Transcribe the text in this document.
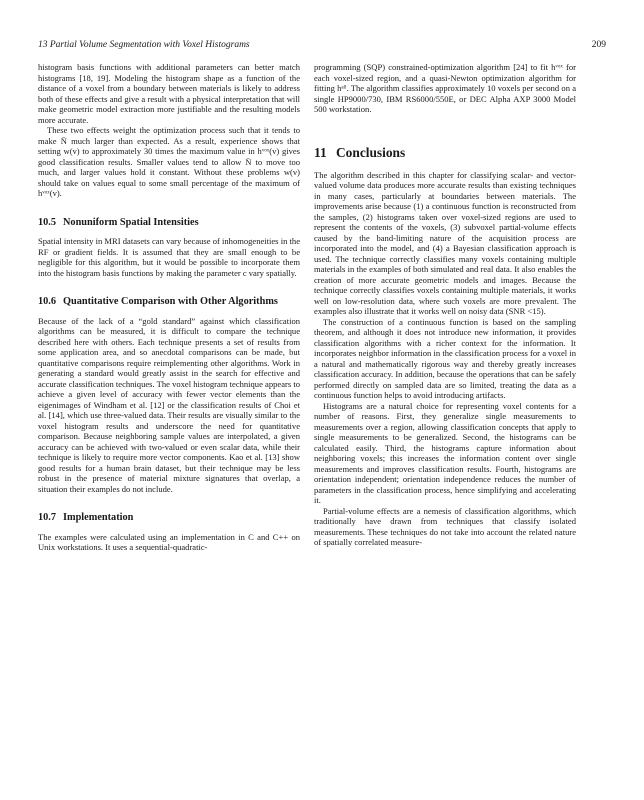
13 Partial Volume Segmentation with Voxel Histograms	209

histogram basis functions with additional parameters can better match histograms [18, 19]. Modeling the histogram shape as a function of the distance of a voxel from a boundary between materials is likely to address both of these effects and give a result with a physical interpretation that will make geometric model extraction more justifiable and the resulting models more accurate.

These two effects weight the optimization process such that it tends to make N̄ much larger than expected. As a result, experience shows that setting w(v) to approximately 30 times the maximum value in hᵛᵒˣ(v) gives good classification results. Smaller values tend to allow N̄ to move too much, and larger values hold it constant. Without these problems w(v) should take on values equal to some small percentage of the maximum of hᵛᵒˣ(v).

10.5 Nonuniform Spatial Intensities

Spatial intensity in MRI datasets can vary because of inhomogeneities in the RF or gradient fields. It is assumed that they are small enough to be negligible for this algorithm, but it would be possible to incorporate them into the histogram basis functions by making the parameter c vary spatially.

10.6 Quantitative Comparison with Other Algorithms

Because of the lack of a “gold standard” against which classification algorithms can be measured, it is difficult to compare the technique described here with others. Each technique presents a set of results from some application area, and so anecdotal comparisons can be made, but quantitative comparisons require reimplementing other algorithms. Work in generating a standard would greatly assist in the search for effective and accurate classification techniques. The voxel histogram technique appears to achieve a given level of accuracy with fewer vector elements than the eigenimages of Windham et al. [12] or the classification results of Choi et al. [14], which use three-valued data. Their results are visually similar to the voxel histogram results and underscore the need for quantitative comparison. Because neighboring sample values are interpolated, a given accuracy can be achieved with two-valued or even scalar data, while their technique is likely to require more vector components. Kao et al. [13] show good results for a human brain dataset, but their technique may be less robust in the presence of material mixture signatures that overlap, a situation their examples do not include.

10.7 Implementation

The examples were calculated using an implementation in C and C++ on Unix workstations. It uses a sequential-quadratic-

programming (SQP) constrained-optimization algorithm [24] to fit hᵛᵒˣ for each voxel-sized region, and a quasi-Newton optimization algorithm for fitting hᵃˡˡ. The algorithm classifies approximately 10 voxels per second on a single HP9000/730, IBM RS6000/550E, or DEC Alpha AXP 3000 Model 500 workstation.

11 Conclusions

The algorithm described in this chapter for classifying scalar- and vector-valued volume data produces more accurate results than existing techniques in many cases, particularly at boundaries between materials. The improvements arise because (1) a continuous function is reconstructed from the samples, (2) histograms taken over voxel-sized regions are used to represent the contents of the voxels, (3) subvoxel partial-volume effects caused by the band-limiting nature of the acquisition process are incorporated into the model, and (4) a Bayesian classification approach is used. The technique correctly classifies many voxels containing multiple materials in the examples of both simulated and real data. It also enables the creation of more accurate geometric models and images. Because the technique correctly classifies voxels containing multiple materials, it works well on low-resolution data, where such voxels are more prevalent. The examples also illustrate that it works well on noisy data (SNR <15).

The construction of a continuous function is based on the sampling theorem, and although it does not introduce new information, it provides classification algorithms with a richer context for the information. It incorporates neighbor information in the classification process for a voxel in a natural and mathematically rigorous way and thereby greatly increases classification accuracy. In addition, because the operations that can be safely performed directly on sampled data are so limited, treating the data as a continuous function helps to avoid introducing artifacts.

Histograms are a natural choice for representing voxel contents for a number of reasons. First, they generalize single measurements to measurements over a region, allowing classification concepts that apply to single measurements to be generalized. Second, the histograms can be calculated easily. Third, the histograms capture information about neighboring voxels; this increases the information content over single measurements and improves classification results. Fourth, histograms are orientation independent; orientation independence reduces the number of parameters in the classification process, hence simplifying and accelerating it.

Partial-volume effects are a nemesis of classification algorithms, which traditionally have drawn from techniques that classify isolated measurements. These techniques do not take into account the related nature of spatially correlated measure-
